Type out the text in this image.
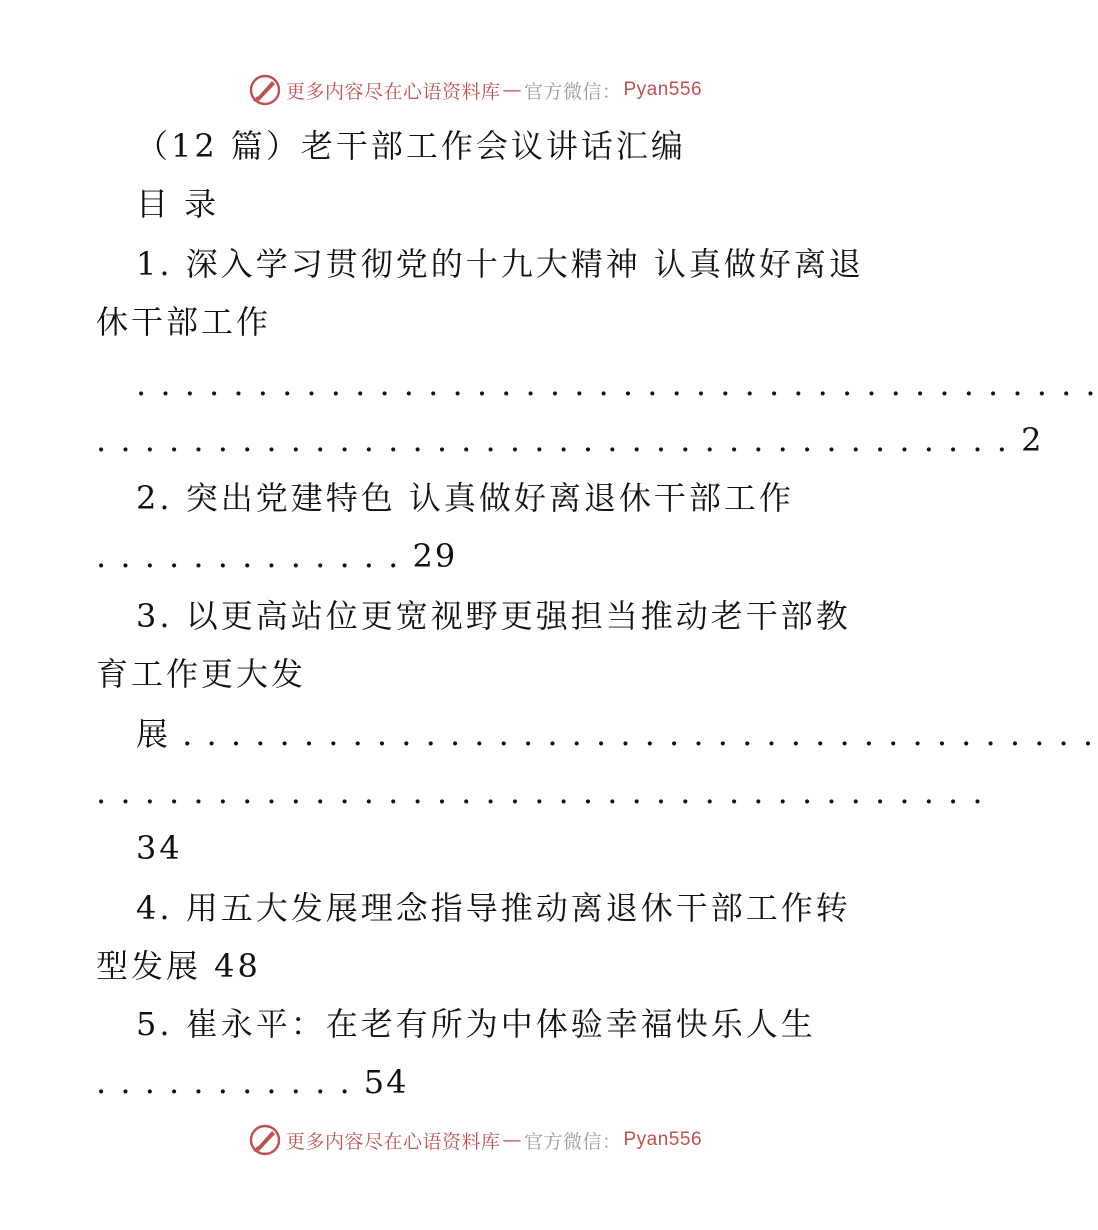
更多内容尽在心语资料库 — 官方微信： Pyan556
（12 篇）老干部工作会议讲话汇编
目 录
1. 深入学习贯彻党的十九大精神 认真做好离退
休干部工作
. . . . . . . . . . . . . . . . . . . . . . . . . . . . . . . . . . . . . . . .
. . . . . . . . . . . . . . . . . . . . . . . . . . . . . . . . . . . . . . 2
2. 突出党建特色 认真做好离退休干部工作
. . . . . . . . . . . . . 29
3. 以更高站位更宽视野更强担当推动老干部教
育工作更大发
展 . . . . . . . . . . . . . . . . . . . . . . . . . . . . . . . . . . . . . .
. . . . . . . . . . . . . . . . . . . . . . . . . . . . . . . . . . . . .
34
4. 用五大发展理念指导推动离退休干部工作转
型发展 48
5. 崔永平：在老有所为中体验幸福快乐人生
. . . . . . . . . . . 54
更多内容尽在心语资料库 — 官方微信： Pyan556
